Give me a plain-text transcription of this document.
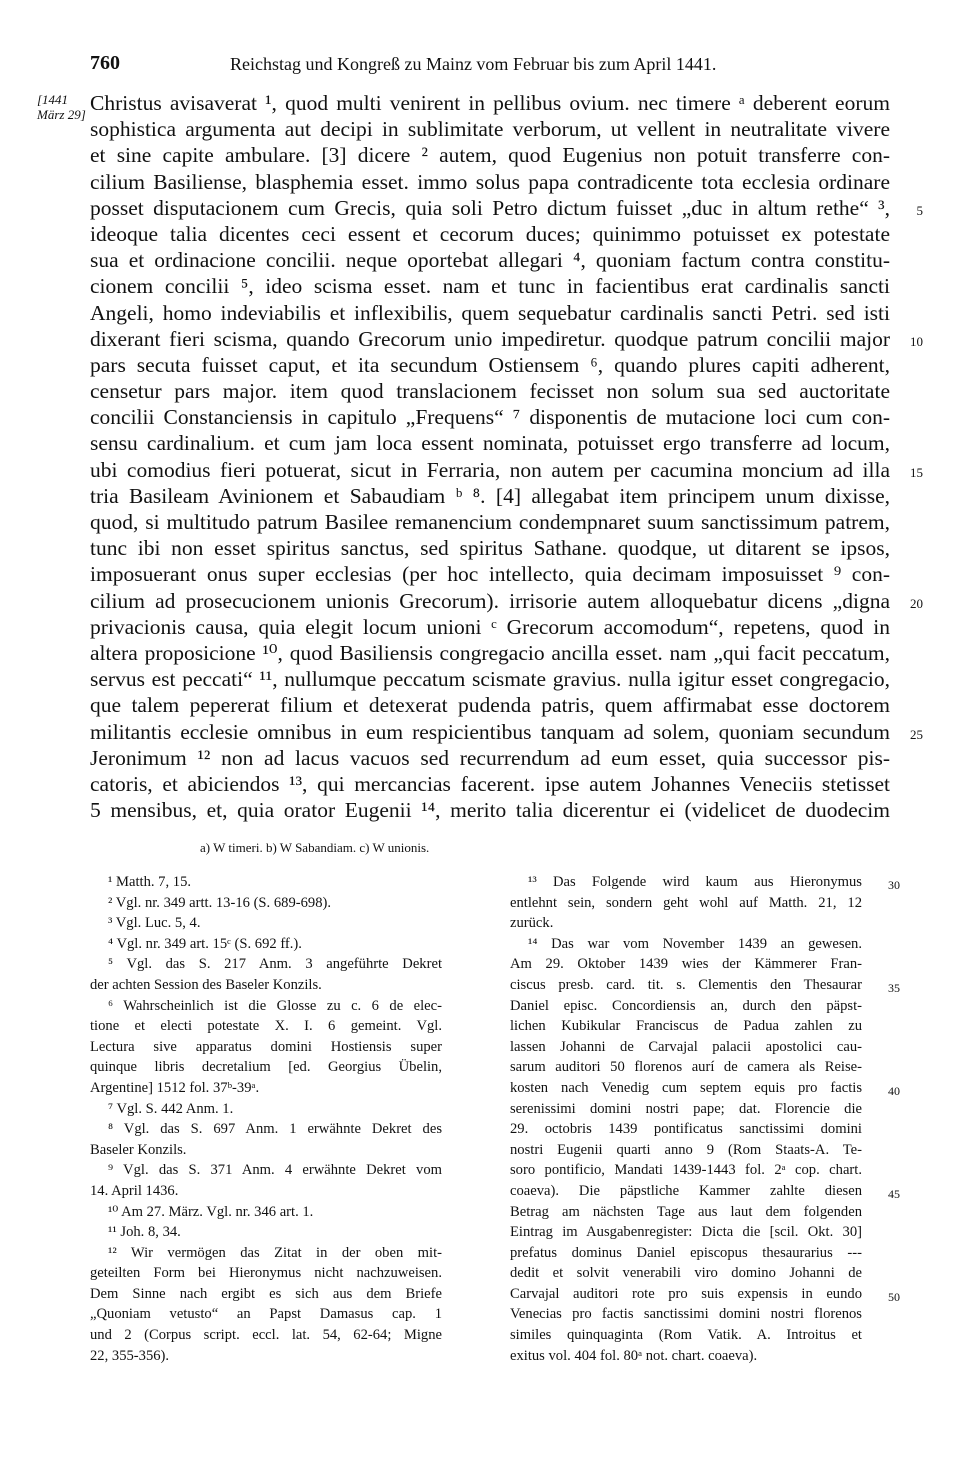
760	Reichstag und Kongreß zu Mainz vom Februar bis zum April 1441.
[1441
März 29] Christus avisaverat ¹, quod multi venirent in pellibus ovium. nec timere ᵃ deberent eorum
sophistica argumenta aut decipi in sublimitate verborum, ut vellent in neutralitate vivere
et sine capite ambulare. [3] dicere ² autem, quod Eugenius non potuit transferre con-
cilium Basiliense, blasphemia esset. immo solus papa contradicente tota ecclesia ordinare
posset disputacionem cum Grecis, quia soli Petro dictum fuisset „duc in altum rethe“ ³, 5
ideoque talia dicentes ceci essent et cecorum duces; quinimmo potuisset ex potestate
sua et ordinacione concilii. neque oportebat allegari ⁴, quoniam factum contra constitu-
cionem concilii ⁵, ideo scisma esset. nam et tunc in facientibus erat cardinalis sancti
Angeli, homo indeviabilis et inflexibilis, quem sequebatur cardinalis sancti Petri. sed isti
dixerant fieri scisma, quando Grecorum unio impediretur. quodque patrum concilii major 10
pars secuta fuisset caput, et ita secundum Ostiensem ⁶, quando plures capiti adherent,
censetur pars major. item quod translacionem fecisset non solum sua sed auctoritate
concilii Constanciensis in capitulo „Frequens“ ⁷ disponentis de mutacione loci cum con-
sensu cardinalium. et cum jam loca essent nominata, potuisset ergo transferre ad locum,
ubi comodius fieri potuerat, sicut in Ferraria, non autem per cacumina moncium ad illa 15
tria Basileam Avinionem et Sabaudiam ᵇ ⁸. [4] allegabat item principem unum dixisse,
quod, si multitudo patrum Basilee remanencium condempnaret suum sanctissimum patrem,
tunc ibi non esset spiritus sanctus, sed spiritus Sathane. quodque, ut ditarent se ipsos,
imposuerant onus super ecclesias (per hoc intellecto, quia decimam imposuisset ⁹ con-
cilium ad prosecucionem unionis Grecorum). irrisorie autem alloquebatur dicens „digna 20
privacionis causa, quia elegit locum unioni ᶜ Grecorum accomodum“, repetens, quod in
altera proposicione ¹⁰, quod Basiliensis congregacio ancilla esset. nam „qui facit peccatum,
servus est peccati“ ¹¹, nullumque peccatum scismate gravius. nulla igitur esset congregacio,
que talem pepererat filium et detexerat pudenda patris, quem affirmabat esse doctorem
militantis ecclesie omnibus in eum respicientibus tanquam ad solem, quoniam secundum 25
Jeronimum ¹² non ad lacus vacuos sed recurrendum ad eum esset, quia successor pis-
catoris, et abiciendos ¹³, qui mercancias facerent. ipse autem Johannes Veneciis stetisset
5 mensibus, et, quia orator Eugenii ¹⁴, merito talia dicerentur ei (videlicet de duodecim
a) W timeri. b) W Sabandiam. c) W unionis.
¹ Matth. 7, 15.
² Vgl. nr. 349 artt. 13-16 (S. 689-698).
³ Vgl. Luc. 5, 4.
⁴ Vgl. nr. 349 art. 15ᶜ (S. 692 ff.).
⁵ Vgl. das S. 217 Anm. 3 angeführte Dekret
der achten Session des Baseler Konzils.
⁶ Wahrscheinlich ist die Glosse zu c. 6 de elec-
tione et electi potestate X. I. 6 gemeint. Vgl.
Lectura sive apparatus domini Hostiensis super
quinque libris decretalium [ed. Georgius Übelin,
Argentine] 1512 fol. 37ᵇ-39ᵃ.
⁷ Vgl. S. 442 Anm. 1.
⁸ Vgl. das S. 697 Anm. 1 erwähnte Dekret des
Baseler Konzils.
⁹ Vgl. das S. 371 Anm. 4 erwähnte Dekret vom
14. April 1436.
¹⁰ Am 27. März. Vgl. nr. 346 art. 1.
¹¹ Joh. 8, 34.
¹² Wir vermögen das Zitat in der oben mit-
geteilten Form bei Hieronymus nicht nachzuweisen.
Dem Sinne nach ergibt es sich aus dem Briefe
„Quoniam vetusto“ an Papst Damasus cap. 1
und 2 (Corpus script. eccl. lat. 54, 62-64; Migne
22, 355-356).
¹³ Das Folgende wird kaum aus Hieronymus 30
entlehnt sein, sondern geht wohl auf Matth. 21, 12
zurück.
¹⁴ Das war vom November 1439 an gewesen.
Am 29. Oktober 1439 wies der Kämmerer Fran-
ciscus presb. card. tit. s. Clementis den Thesaurar 35
Daniel episc. Concordiensis an, durch den päpst-
lichen Kubikular Franciscus de Padua zahlen zu
lassen Johanni de Carvajal palacii apostolici cau-
sarum auditori 50 florenos aurí de camera als Reise-
kosten nach Venedig cum septem equis pro factis 40
serenissimi domini nostri pape; dat. Florencie die
29. octobris 1439 pontificatus sanctissimi domini
nostri Eugenii quarti anno 9 (Rom Staats-A. Te-
soro pontificio, Mandati 1439-1443 fol. 2ᵃ cop. chart.
coaeva). Die päpstliche Kammer zahlte diesen 45
Betrag am nächsten Tage aus laut dem folgenden
Eintrag im Ausgabenregister: Dicta die [scil. Okt. 30]
prefatus dominus Daniel episcopus thesaurarius ---
dedit et solvit venerabili viro domino Johanni de
Carvajal auditori rote pro suis expensis in eundo 50
Venecias pro factis sanctissimi domini nostri florenos
similes quinquaginta (Rom Vatik. A. Introitus et
exitus vol. 404 fol. 80ᵃ not. chart. coaeva).
